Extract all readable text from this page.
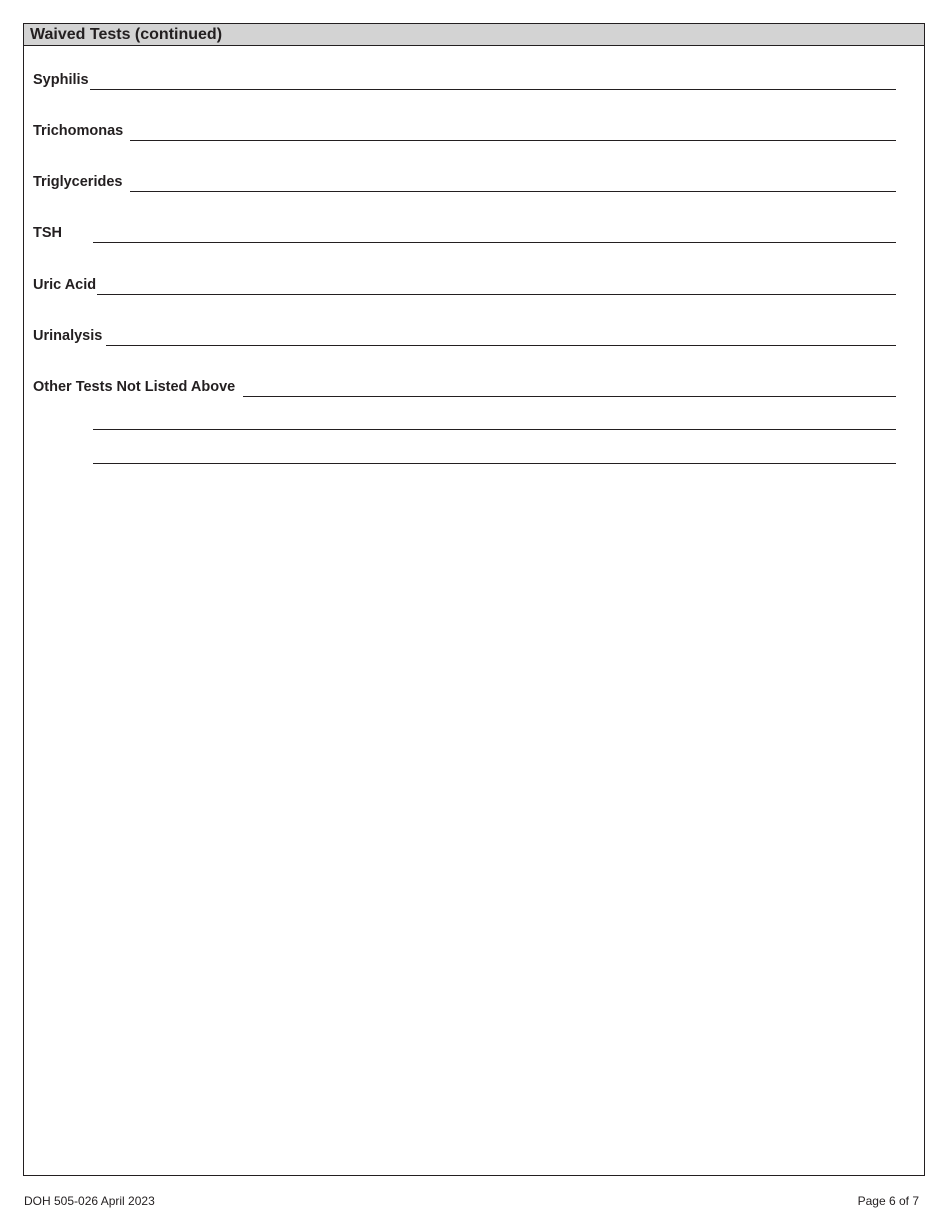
Waived Tests (continued)
Syphilis
Trichomonas
Triglycerides
TSH
Uric Acid
Urinalysis
Other Tests Not Listed Above
DOH 505-026 April 2023	Page 6 of 7
